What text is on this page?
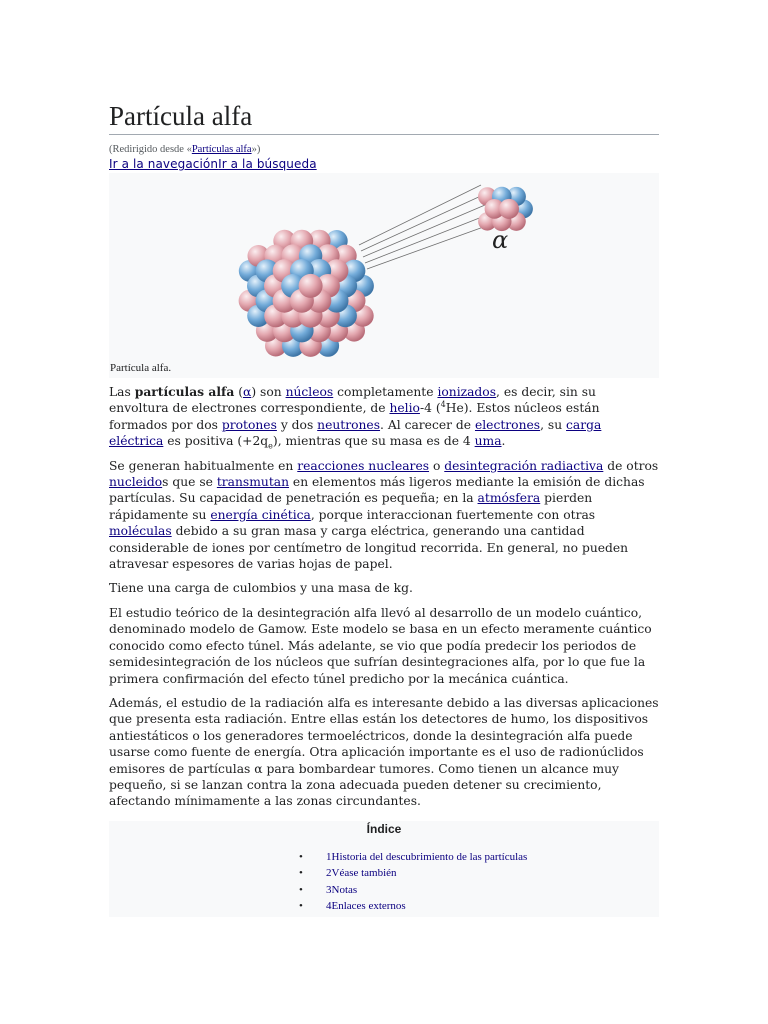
Partícula alfa
(Redirigido desde «Partículas alfa»)
Ir a la navegaciónIr a la búsqueda
α
Partícula alfa.

Las partículas alfa (α) son núcleos completamente ionizados, es decir, sin su envoltura de electrones correspondiente, de helio-4 ($^4$He). Estos núcleos están formados por dos protones y dos neutrones. Al carecer de electrones, su carga eléctrica es positiva $(+2q_e)$, mientras que su masa es de 4 uma.

Se generan habitualmente en reacciones nucleares o desintegración radiactiva de otros nucleidos que se transmutan en elementos más ligeros mediante la emisión de dichas partículas. Su capacidad de penetración es pequeña; en la atmósfera pierden rápidamente su energía cinética, porque interaccionan fuertemente con otras moléculas debido a su gran masa y carga eléctrica, generando una cantidad considerable de iones por centímetro de longitud recorrida. En general, no pueden atravesar espesores de varias hojas de papel.

Tiene una carga de culombios y una masa de kg.

El estudio teórico de la desintegración alfa llevó al desarrollo de un modelo cuántico, denominado modelo de Gamow. Este modelo se basa en un efecto meramente cuántico conocido como efecto túnel. Más adelante, se vio que podía predecir los periodos de semidesintegración de los núcleos que sufrían desintegraciones alfa, por lo que fue la primera confirmación del efecto túnel predicho por la mecánica cuántica.

Además, el estudio de la radiación alfa es interesante debido a las diversas aplicaciones que presenta esta radiación. Entre ellas están los detectores de humo, los dispositivos antiestáticos o los generadores termoeléctricos, donde la desintegración alfa puede usarse como fuente de energía. Otra aplicación importante es el uso de radionúclidos emisores de partículas α para bombardear tumores. Como tienen un alcance muy pequeño, si se lanzan contra la zona adecuada pueden detener su crecimiento, afectando mínimamente a las zonas circundantes.

Índice
• 1Historia del descubrimiento de las partículas
• 2Véase también
• 3Notas
• 4Enlaces externos
